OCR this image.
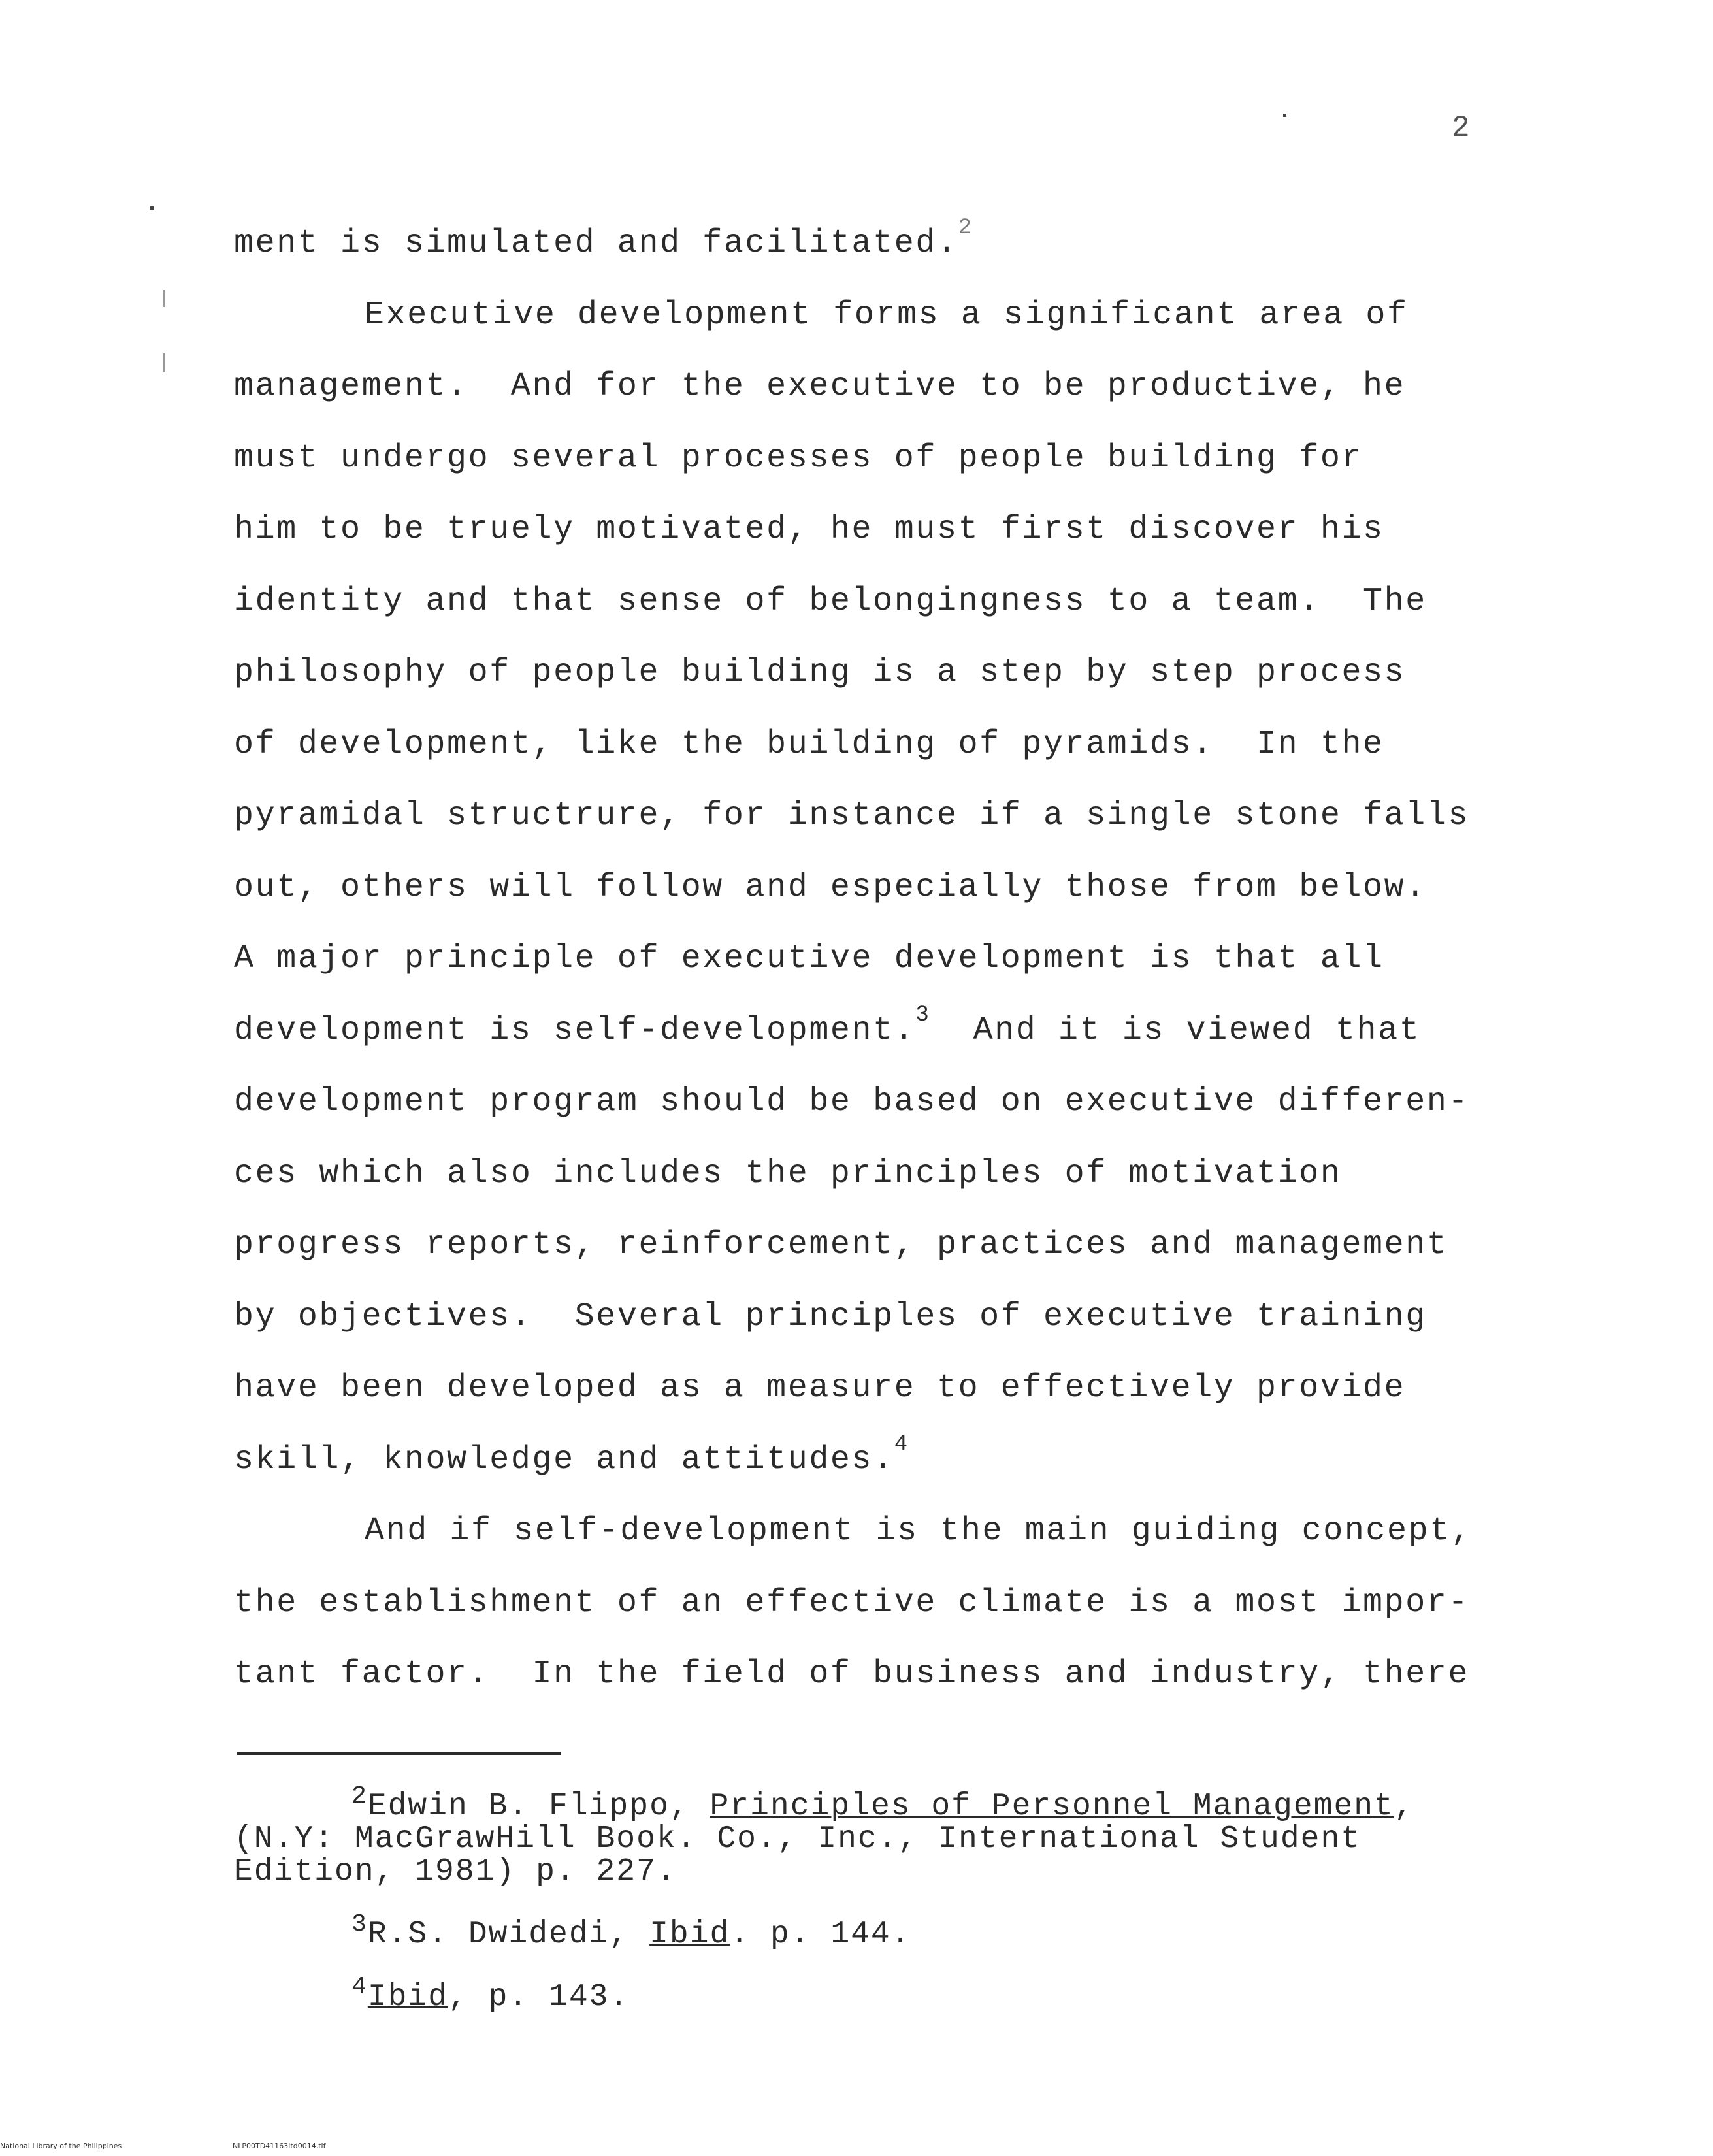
2
ment is simulated and facilitated.$^2$
Executive development forms a significant area of
management.  And for the executive to be productive, he
must undergo several processes of people building for
him to be truely motivated, he must first discover his
identity and that sense of belongingness to a team.  The
philosophy of people building is a step by step process
of development, like the building of pyramids.  In the
pyramidal structrure, for instance if a single stone falls
out, others will follow and especially those from below.
A major principle of executive development is that all
development is self-development.$^3$ And it is viewed that
development program should be based on executive differen-
ces which also includes the principles of motivation
progress reports, reinforcement, practices and management
by objectives.  Several principles of executive training
have been developed as a measure to effectively provide
skill, knowledge and attitudes.$^4$
And if self-development is the main guiding concept,
the establishment of an effective climate is a most impor-
tant factor.  In the field of business and industry, there
$^2$Edwin B. Flippo, Principles of Personnel Management,
(N.Y: MacGrawHill Book. Co., Inc., International Student
Edition, 1981) p. 227.
$^3$R.S. Dwidedi, Ibid. p. 144.
$^4$Ibid, p. 143.
National Library of the Philippines	NLP00TD41163Itd0014.tif
